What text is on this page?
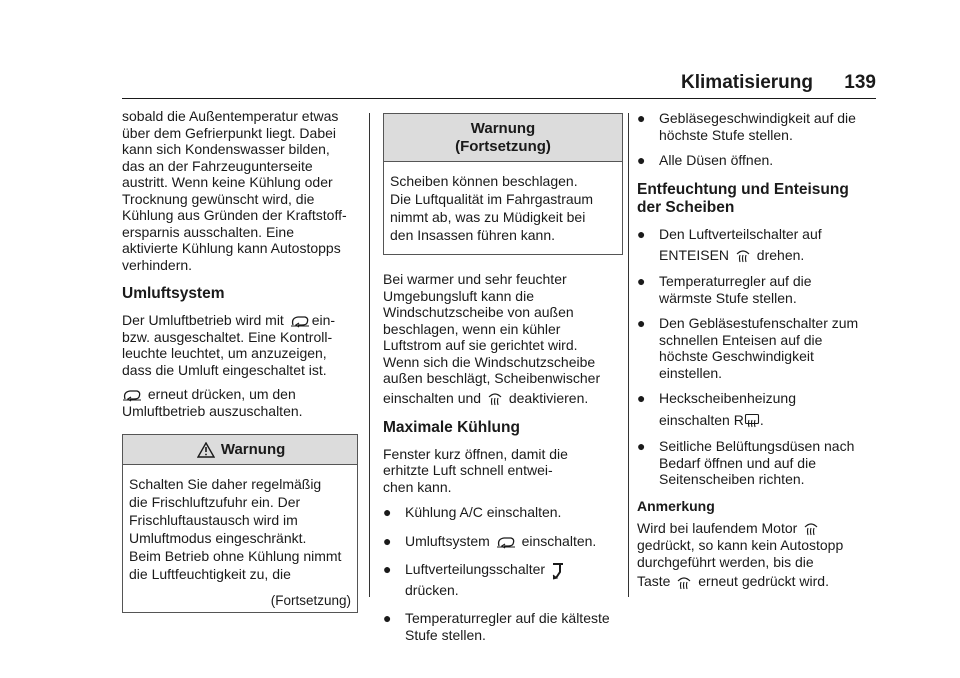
Klimatisierung 139
sobald die Außentemperatur etwas
über dem Gefrierpunkt liegt. Dabei
kann sich Kondenswasser bilden,
das an der Fahrzeugunterseite
austritt. Wenn keine Kühlung oder
Trocknung gewünscht wird, die
Kühlung aus Gründen der Kraftstoff-
ersparnis ausschalten. Eine
aktivierte Kühlung kann Autostopps
verhindern.
Umluftsystem
Der Umluftbetrieb wird mit ein-
bzw. ausgeschaltet. Eine Kontroll-
leuchte leuchtet, um anzuzeigen,
dass die Umluft eingeschaltet ist.
erneut drücken, um den
Umluftbetrieb auszuschalten.
Warnung
Schalten Sie daher regelmäßig
die Frischluftzufuhr ein. Der
Frischluftaustausch wird im
Umluftmodus eingeschränkt.
Beim Betrieb ohne Kühlung nimmt
die Luftfeuchtigkeit zu, die
(Fortsetzung)
Warnung
(Fortsetzung)
Scheiben können beschlagen.
Die Luftqualität im Fahrgastraum
nimmt ab, was zu Müdigkeit bei
den Insassen führen kann.
Bei warmer und sehr feuchter
Umgebungsluft kann die
Windschutzscheibe von außen
beschlagen, wenn ein kühler
Luftstrom auf sie gerichtet wird.
Wenn sich die Windschutzscheibe
außen beschlägt, Scheibenwischer
einschalten und deaktivieren.
Maximale Kühlung
Fenster kurz öffnen, damit die
erhitzte Luft schnell entwei-
chen kann.
● Kühlung A/C einschalten.
● Umluftsystem einschalten.
● Luftverteilungsschalter
drücken.
● Temperaturregler auf die kälteste
Stufe stellen.
● Gebläsegeschwindigkeit auf die
höchste Stufe stellen.
● Alle Düsen öffnen.
Entfeuchtung und Enteisung
der Scheiben
● Den Luftverteilschalter auf
ENTEISEN drehen.
● Temperaturregler auf die
wärmste Stufe stellen.
● Den Gebläsestufenschalter zum
schnellen Enteisen auf die
höchste Geschwindigkeit
einstellen.
● Heckscheibenheizung
einschalten R .
● Seitliche Belüftungsdüsen nach
Bedarf öffnen und auf die
Seitenscheiben richten.
Anmerkung
Wird bei laufendem Motor
gedrückt, so kann kein Autostopp
durchgeführt werden, bis die
Taste erneut gedrückt wird.
